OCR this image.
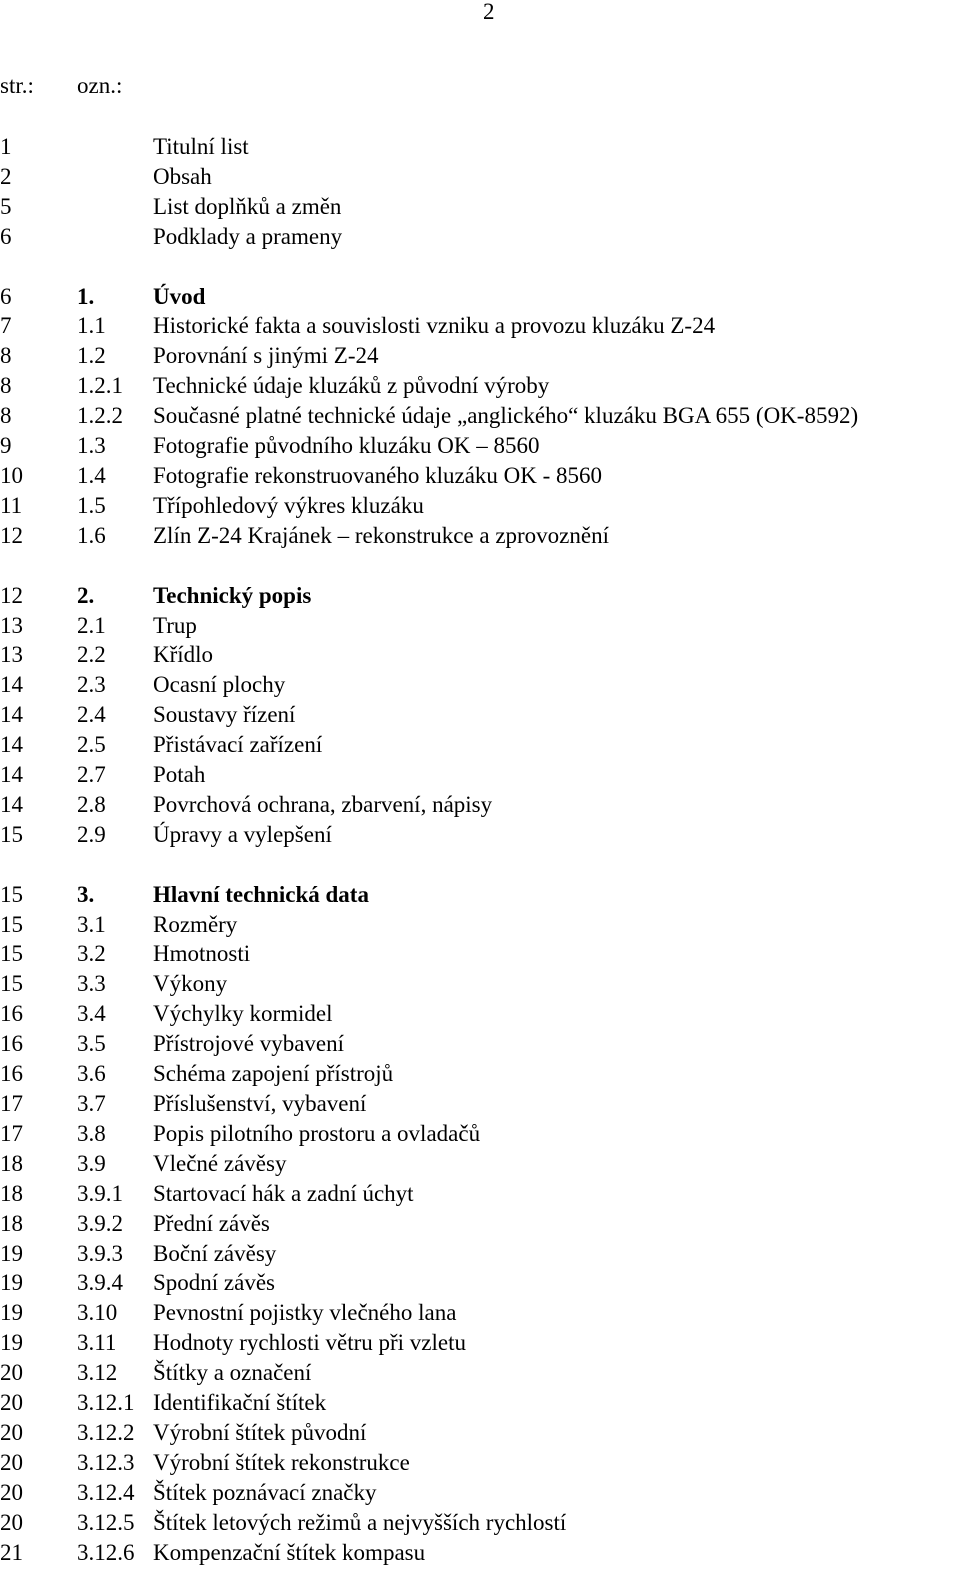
2
str.: ozn.:
1	Titulní list
2	Obsah
5	List doplňků a změn
6	Podklady a prameny
6	1.	Úvod
7	1.1 Historické fakta a souvislosti vzniku a provozu kluzáku Z-24
8	1.2 Porovnání s jinými Z-24
8	1.2.1 Technické údaje kluzáků z původní výroby
8	1.2.2 Současné platné technické údaje „anglického“ kluzáku BGA 655 (OK-8592)
9	1.3 Fotografie původního kluzáku OK – 8560
10 1.4 Fotografie rekonstruovaného kluzáku OK - 8560
11 1.5 Třípohledový výkres kluzáku
12 1.6 Zlín Z-24 Krajánek – rekonstrukce a zprovoznění
12 2.	Technický popis
13 2.1 Trup
13 2.2 Křídlo
14 2.3 Ocasní plochy
14 2.4 Soustavy řízení
14 2.5 Přistávací zařízení
14 2.7 Potah
14 2.8 Povrchová ochrana, zbarvení, nápisy
15 2.9 Úpravy a vylepšení
15 3.	Hlavní technická data
15 3.1 Rozměry
15 3.2 Hmotnosti
15 3.3 Výkony
16 3.4 Výchylky kormidel
16 3.5 Přístrojové vybavení
16 3.6 Schéma zapojení přístrojů
17 3.7 Příslušenství, vybavení
17 3.8 Popis pilotního prostoru a ovladačů
18 3.9 Vlečné závěsy
18 3.9.1 Startovací hák a zadní úchyt
18 3.9.2 Přední závěs
19 3.9.3 Boční závěsy
19 3.9.4 Spodní závěs
19 3.10 Pevnostní pojistky vlečného lana
19 3.11 Hodnoty rychlosti větru při vzletu
20 3.12 Štítky a označení
20 3.12.1 Identifikační štítek
20 3.12.2 Výrobní štítek původní
20 3.12.3 Výrobní štítek rekonstrukce
20 3.12.4 Štítek poznávací značky
20 3.12.5 Štítek letových režimů a nejvyšších rychlostí
21 3.12.6 Kompenzační štítek kompasu
